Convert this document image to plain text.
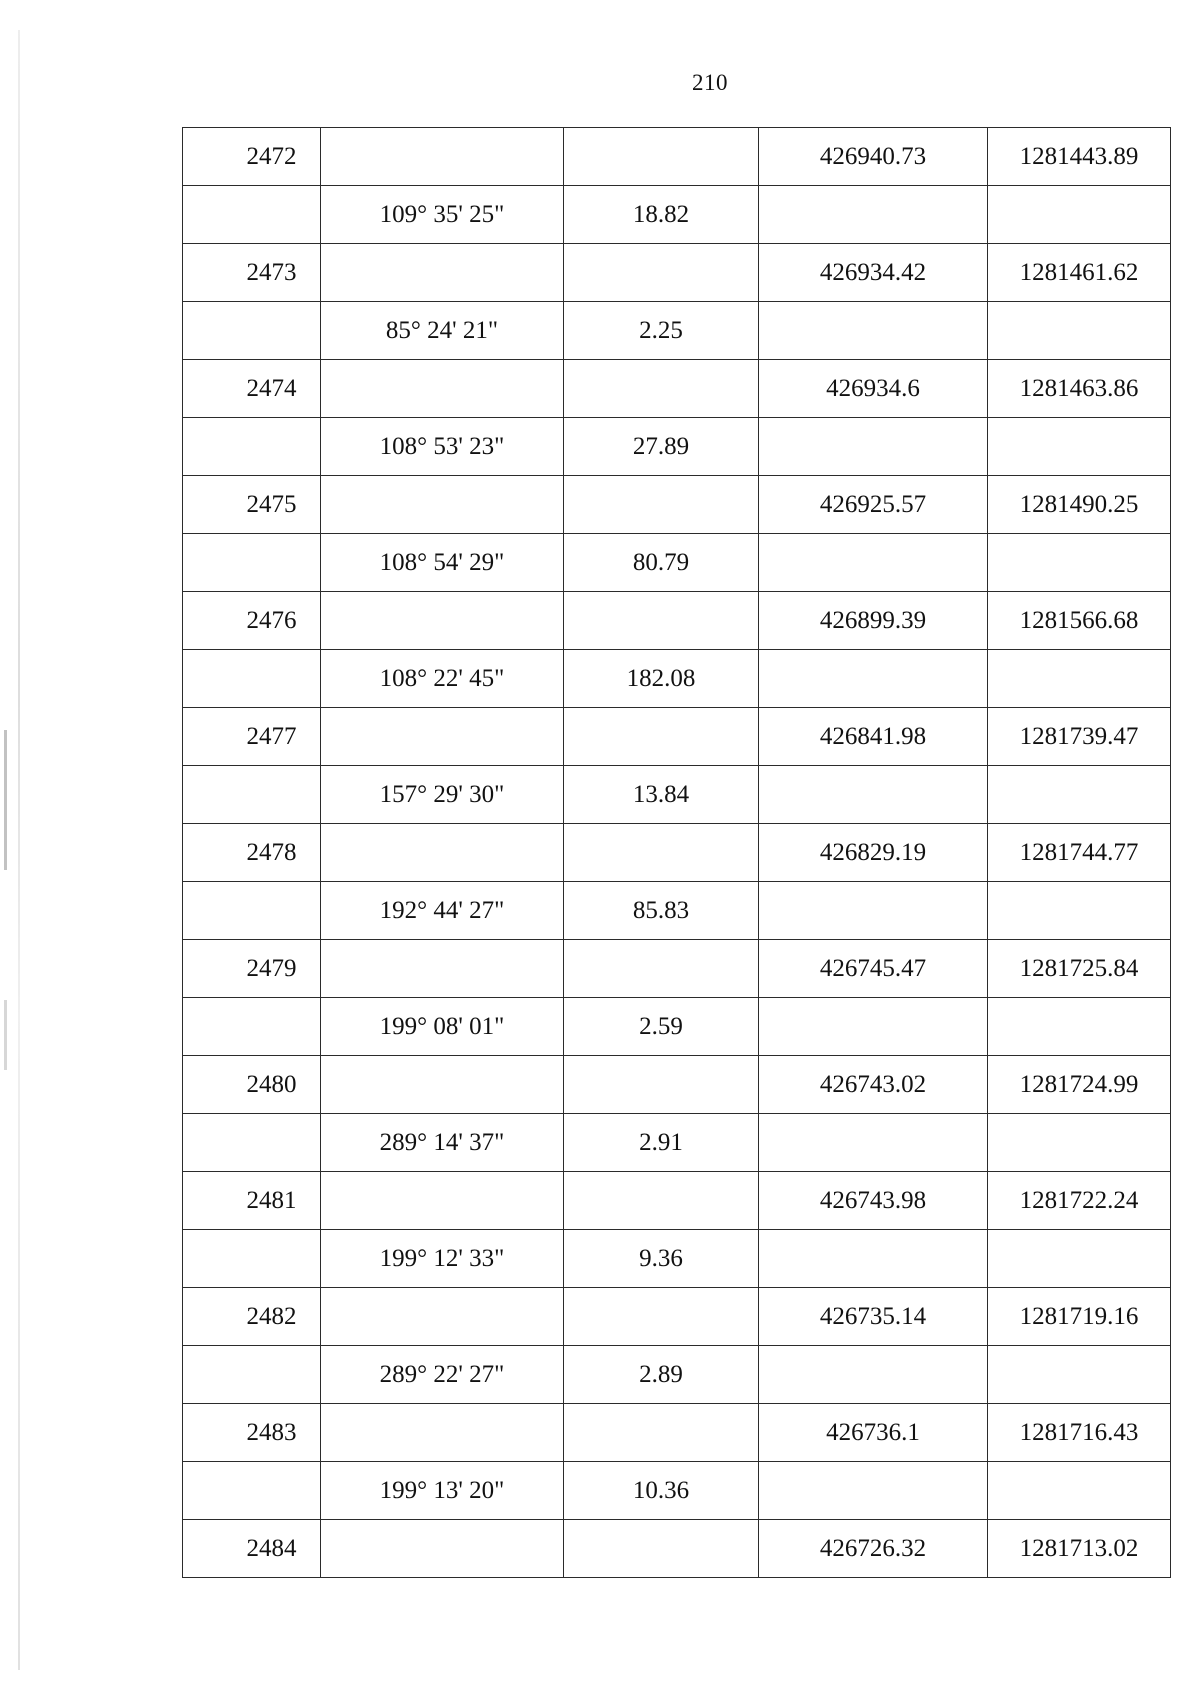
210
2472			426940.73	1281443.89
	109° 35' 25"	18.82		
2473			426934.42	1281461.62
	85° 24' 21"	2.25		
2474			426934.6	1281463.86
	108° 53' 23"	27.89		
2475			426925.57	1281490.25
	108° 54' 29"	80.79		
2476			426899.39	1281566.68
	108° 22' 45"	182.08		
2477			426841.98	1281739.47
	157° 29' 30"	13.84		
2478			426829.19	1281744.77
	192° 44' 27"	85.83		
2479			426745.47	1281725.84
	199° 08' 01"	2.59		
2480			426743.02	1281724.99
	289° 14' 37"	2.91		
2481			426743.98	1281722.24
	199° 12' 33"	9.36		
2482			426735.14	1281719.16
	289° 22' 27"	2.89		
2483			426736.1	1281716.43
	199° 13' 20"	10.36		
2484			426726.32	1281713.02
